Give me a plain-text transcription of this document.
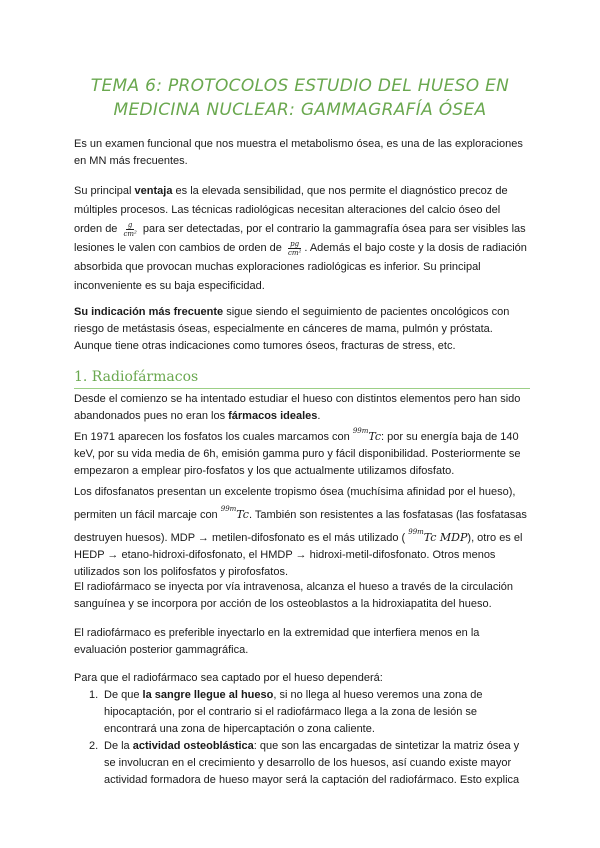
TEMA 6: PROTOCOLOS ESTUDIO DEL HUESO EN MEDICINA NUCLEAR: GAMMAGRAFÍA ÓSEA

Es un examen funcional que nos muestra el metabolismo ósea, es una de las exploraciones en MN más frecuentes.

Su principal ventaja es la elevada sensibilidad, que nos permite el diagnóstico precoz de múltiples procesos. Las técnicas radiológicas necesitan alteraciones del calcio óseo del orden de $\frac{g}{\text{cm²}}$ para ser detectadas, por el contrario la gammagrafía ósea para ser visibles las lesiones le valen con cambios de orden de $\frac{pg}{\text{cm²}}$ . Además el bajo coste y la dosis de radiación absorbida que provocan muchas exploraciones radiológicas es inferior. Su principal inconveniente es su baja especificidad.

Su indicación más frecuente sigue siendo el seguimiento de pacientes oncológicos con riesgo de metástasis óseas, especialmente en cánceres de mama, pulmón y próstata. Aunque tiene otras indicaciones como tumores óseos, fracturas de stress, etc.

1. Radiofármacos

Desde el comienzo se ha intentado estudiar el hueso con distintos elementos pero han sido abandonados pues no eran los fármacos ideales.

En 1971 aparecen los fosfatos los cuales marcamos con $^{99m}$Tc: por su energía baja de 140 keV, por su vida media de 6h, emisión gamma puro y fácil disponibilidad. Posteriormente se empezaron a emplear piro-fosfatos y los que actualmente utilizamos difosfato.

Los difosfanatos presentan un excelente tropismo ósea (muchísima afinidad por el hueso), permiten un fácil marcaje con $^{99m}$Tc. También son resistentes a las fosfatasas (las fosfatasas destruyen huesos). MDP → metilen-difosfonato es el más utilizado ( $^{99m}$Tc MDP), otro es el HEDP → etano-hidroxi-difosfonato, el HMDP → hidroxi-metil-difosfonato. Otros menos utilizados son los polifosfatos y pirofosfatos.

El radiofármaco se inyecta por vía intravenosa, alcanza el hueso a través de la circulación sanguínea y se incorpora por acción de los osteoblastos a la hidroxiapatita del hueso.

El radiofármaco es preferible inyectarlo en la extremidad que interfiera menos en la evaluación posterior gammagráfica.

Para que el radiofármaco sea captado por el hueso dependerá:

1. De que la sangre llegue al hueso, si no llega al hueso veremos una zona de hipocaptación, por el contrario si el radiofármaco llega a la zona de lesión se encontrará una zona de hipercaptación o zona caliente.
2. De la actividad osteoblástica: que son las encargadas de sintetizar la matriz ósea y se involucran en el crecimiento y desarrollo de los huesos, así cuando existe mayor actividad formadora de hueso mayor será la captación del radiofármaco. Esto explica
